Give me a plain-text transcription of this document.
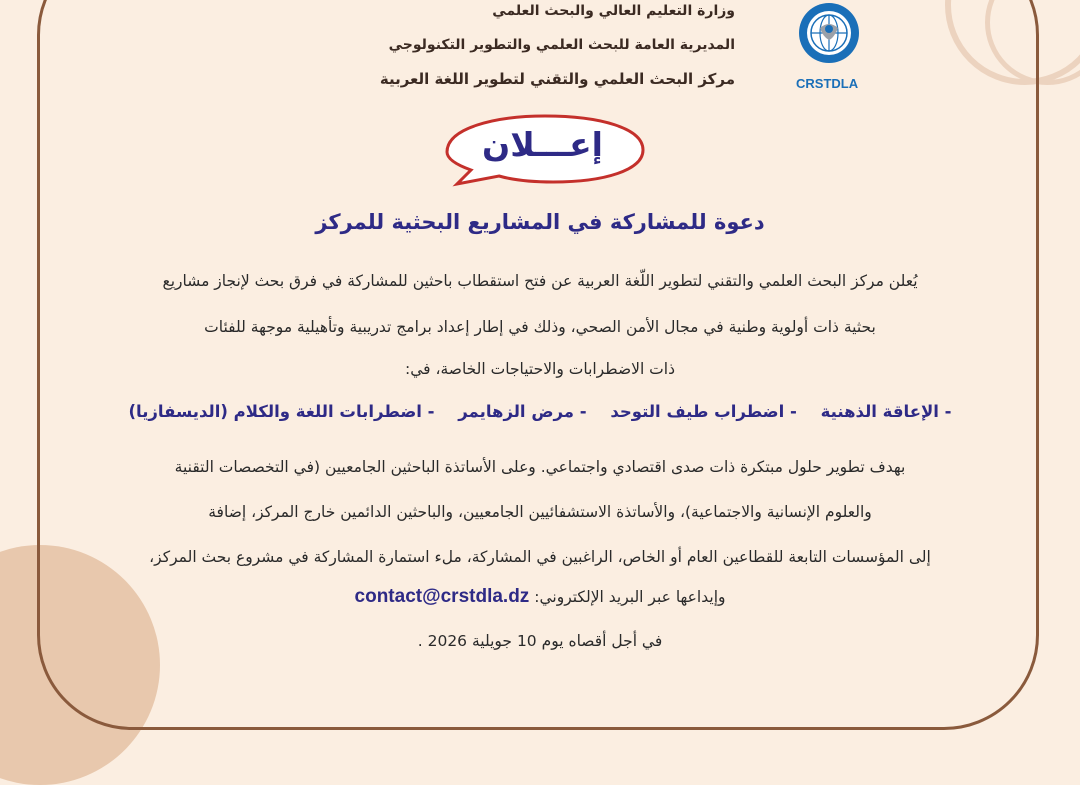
وزارة التعليم العالي والبحث العلمي
المديرية العامة للبحث العلمي والتطوير التكنولوجي
مركز البحث العلمي والتقني لتطوير اللغة العربية	CRSTDLA
إعـــلان
دعوة للمشاركة في المشاريع البحثية للمركز
يُعلن مركز البحث العلمي والتقني لتطوير اللّغة العربية عن فتح استقطاب باحثين للمشاركة في فرق بحث لإنجاز مشاريع
بحثية ذات أولوية وطنية في مجال الأمن الصحي، وذلك في إطار إعداد برامج تدريبية وتأهيلية موجهة للفئات
ذات الاضطرابات والاحتياجات الخاصة، في:
- الإعاقة الذهنية - اضطراب طيف التوحد - مرض الزهايمر - اضطرابات اللغة والكلام (الديسفازيا)
بهدف تطوير حلول مبتكرة ذات صدى اقتصادي واجتماعي. وعلى الأساتذة الباحثين الجامعيين (في التخصصات التقنية
والعلوم الإنسانية والاجتماعية)، والأساتذة الاستشفائيين الجامعيين، والباحثين الدائمين خارج المركز، إضافة
إلى المؤسسات التابعة للقطاعين العام أو الخاص، الراغبين في المشاركة، ملء استمارة المشاركة في مشروع بحث المركز،
وإيداعها عبر البريد الإلكتروني: contact@crstdla.dz
في أجل أقصاه يوم 10 جويلية 2026 .
